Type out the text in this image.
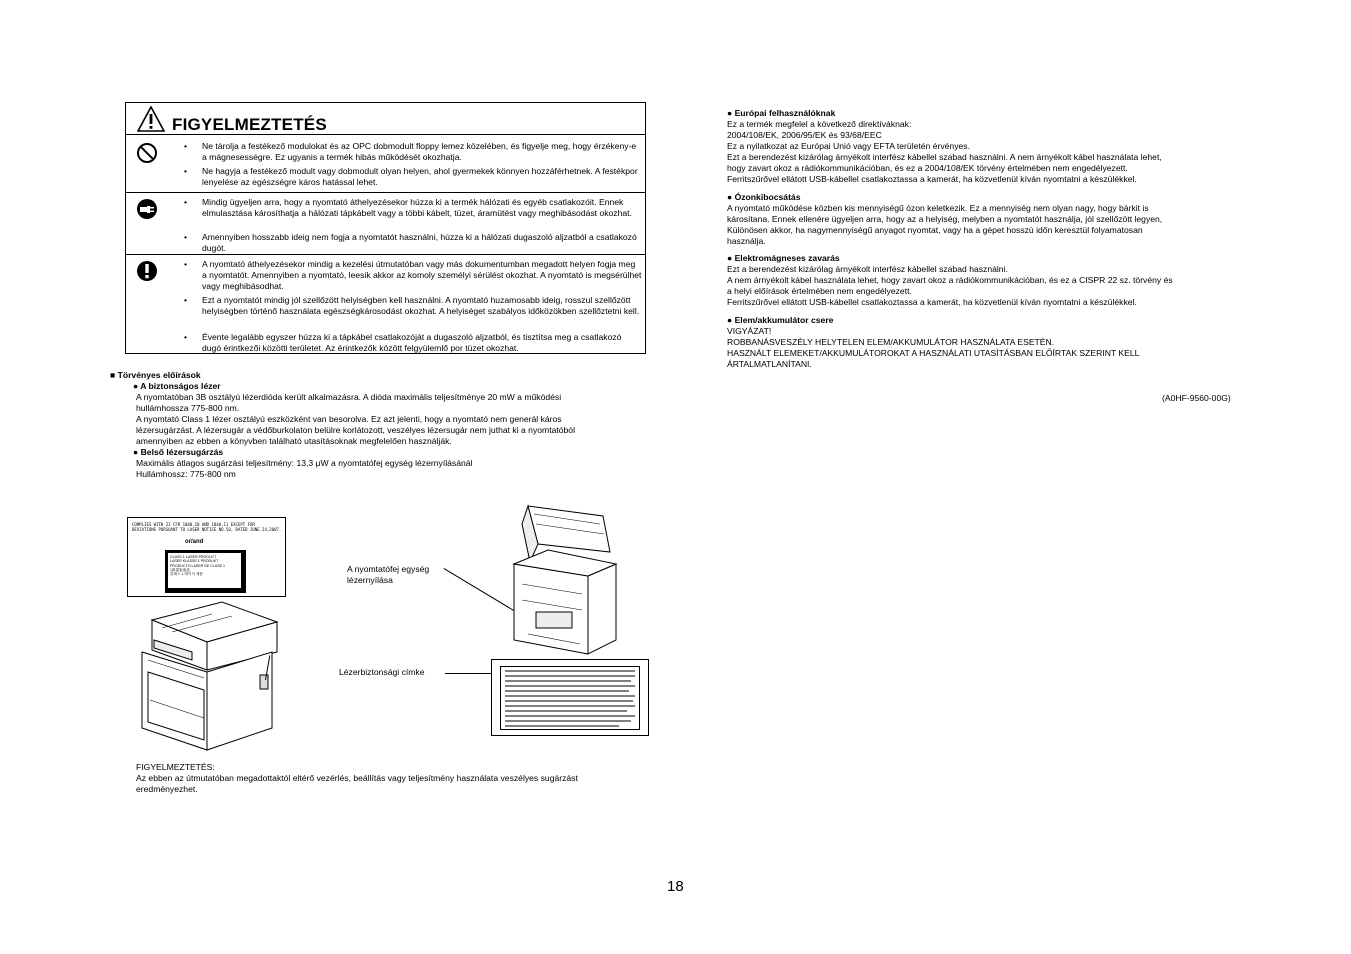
FIGYELMEZTETÉS
• Ne tárolja a festékező modulokat és az OPC dobmodult floppy lemez közelében, és figyelje meg, hogy érzékeny-e a mágnesességre. Ez ugyanis a termék hibás működését okozhatja.
• Ne hagyja a festékező modult vagy dobmodult olyan helyen, ahol gyermekek könnyen hozzáférhetnek. A festékpor lenyelése az egészségre káros hatással lehet.
• Mindig ügyeljen arra, hogy a nyomtató áthelyezésekor húzza ki a termék hálózati és egyéb csatlakozóit. Ennek elmulasztása károsíthatja a hálózati tápkábelt vagy a többi kábelt, tüzet, áramütést vagy meghibásodást okozhat.
• Amennyiben hosszabb ideig nem fogja a nyomtatót használni, húzza ki a hálózati dugaszoló aljzatból a csatlakozó dugót.
• A nyomtató áthelyezésekor mindig a kezelési útmutatóban vagy más dokumentumban megadott helyen fogja meg a nyomtatót. Amennyiben a nyomtató, leesik akkor az komoly személyi sérülést okozhat. A nyomtató is megsérülhet vagy meghibásodhat.
• Ezt a nyomtatót mindig jól szellőzött helyiségben kell használni. A nyomtató huzamosabb ideig, rosszul szellőzött helyiségben történő használata egészségkárosodást okozhat. A helyiséget szabályos időközökben szellőztetni kell.
• Évente legalább egyszer húzza ki a tápkábel csatlakozóját a dugaszoló aljzatból, és tisztítsa meg a csatlakozó dugó érintkezői közötti területet. Az érintkezők között felgyülemlő por tüzet okozhat.
■ Törvényes előírások
● A biztonságos lézer
A nyomtatóban 3B osztályú lézerdióda került alkalmazásra. A dióda maximális teljesítménye 20 mW a működési
hullámhossza 775-800 nm.
A nyomtató Class 1 lézer osztályú eszközként van besorolva. Ez azt jelenti, hogy a nyomtató nem generál káros
lézersugárzást. A lézersugár a védőburkolaton belülre korlátozott, veszélyes lézersugár nem juthat ki a nyomtatóból
amennyiben az ebben a könyvben található utasításoknak megfelelően használják.
● Belső lézersugárzás
Maximális átlagos sugárzási teljesítmény: 13,3 μW a nyomtatófej egység lézernyílásánál
Hullámhossz: 775-800 nm
COMPLIES WITH 21 CFR 1040.10 AND 1040.11 EXCEPT FOR
DEVIATIONS PURSUANT TO LASER NOTICE NO.50, DATED JUNE 24,2007.
or/and
CLASS 1 LASER PRODUCT
LASER KLASSE 1 PRODUKT
PRODUCTO LASER DE CLASE 1
1級雷射產品
클래스 1 레이저 제품
A nyomtatófej egység
lézernyílása
Lézerbiztonsági címke
FIGYELMEZTETÉS:
Az ebben az útmutatóban megadottaktól eltérő vezérlés, beállítás vagy teljesítmény használata veszélyes sugárzást
eredményezhet.
● Európai felhasználóknak
Ez a termék megfelel a következő direktíváknak:
2004/108/EK, 2006/95/EK és 93/68/EEC
Ez a nyilatkozat az Európai Unió vagy EFTA területén érvényes.
Ezt a berendezést kizárólag árnyékolt interfész kábellel szabad használni. A nem árnyékolt kábel használata lehet,
hogy zavart okoz a rádiókommunikációban, és ez a 2004/108/EK törvény értelmében nem engedélyezett.
Ferritszűrővel ellátott USB-kábellel csatlakoztassa a kamerát, ha közvetlenül kíván nyomtatni a készülékkel.
● Ózonkibocsátás
A nyomtató működése közben kis mennyiségű ózon keletkezik. Ez a mennyiség nem olyan nagy, hogy bárkit is
károsítana. Ennek ellenére ügyeljen arra, hogy az a helyiség, melyben a nyomtatót használja, jól szellőzött legyen,
Különösen akkor, ha nagymennyiségű anyagot nyomtat, vagy ha a gépet hosszú időn keresztül folyamatosan
használja.
● Elektromágneses zavarás
Ezt a berendezést kizárólag árnyékolt interfész kábellel szabad használni.
A nem árnyékolt kábel használata lehet, hogy zavart okoz a rádiókommunikációban, és ez a CISPR 22 sz. törvény és
a helyi előírások értelmében nem engedélyezett.
Ferritszűrővel ellátott USB-kábellel csatlakoztassa a kamerát, ha közvetlenül kíván nyomtatni a készülékkel.
● Elem/akkumulátor csere
VIGYÁZAT!
ROBBANÁSVESZÉLY HELYTELEN ELEM/AKKUMULÁTOR HASZNÁLATA ESETÉN.
HASZNÁLT ELEMEKET/AKKUMULÁTOROKAT A HASZNÁLATI UTASÍTÁSBAN ELŐÍRTAK SZERINT KELL
ÁRTALMATLANÍTANI.
(A0HF-9560-00G)
18
